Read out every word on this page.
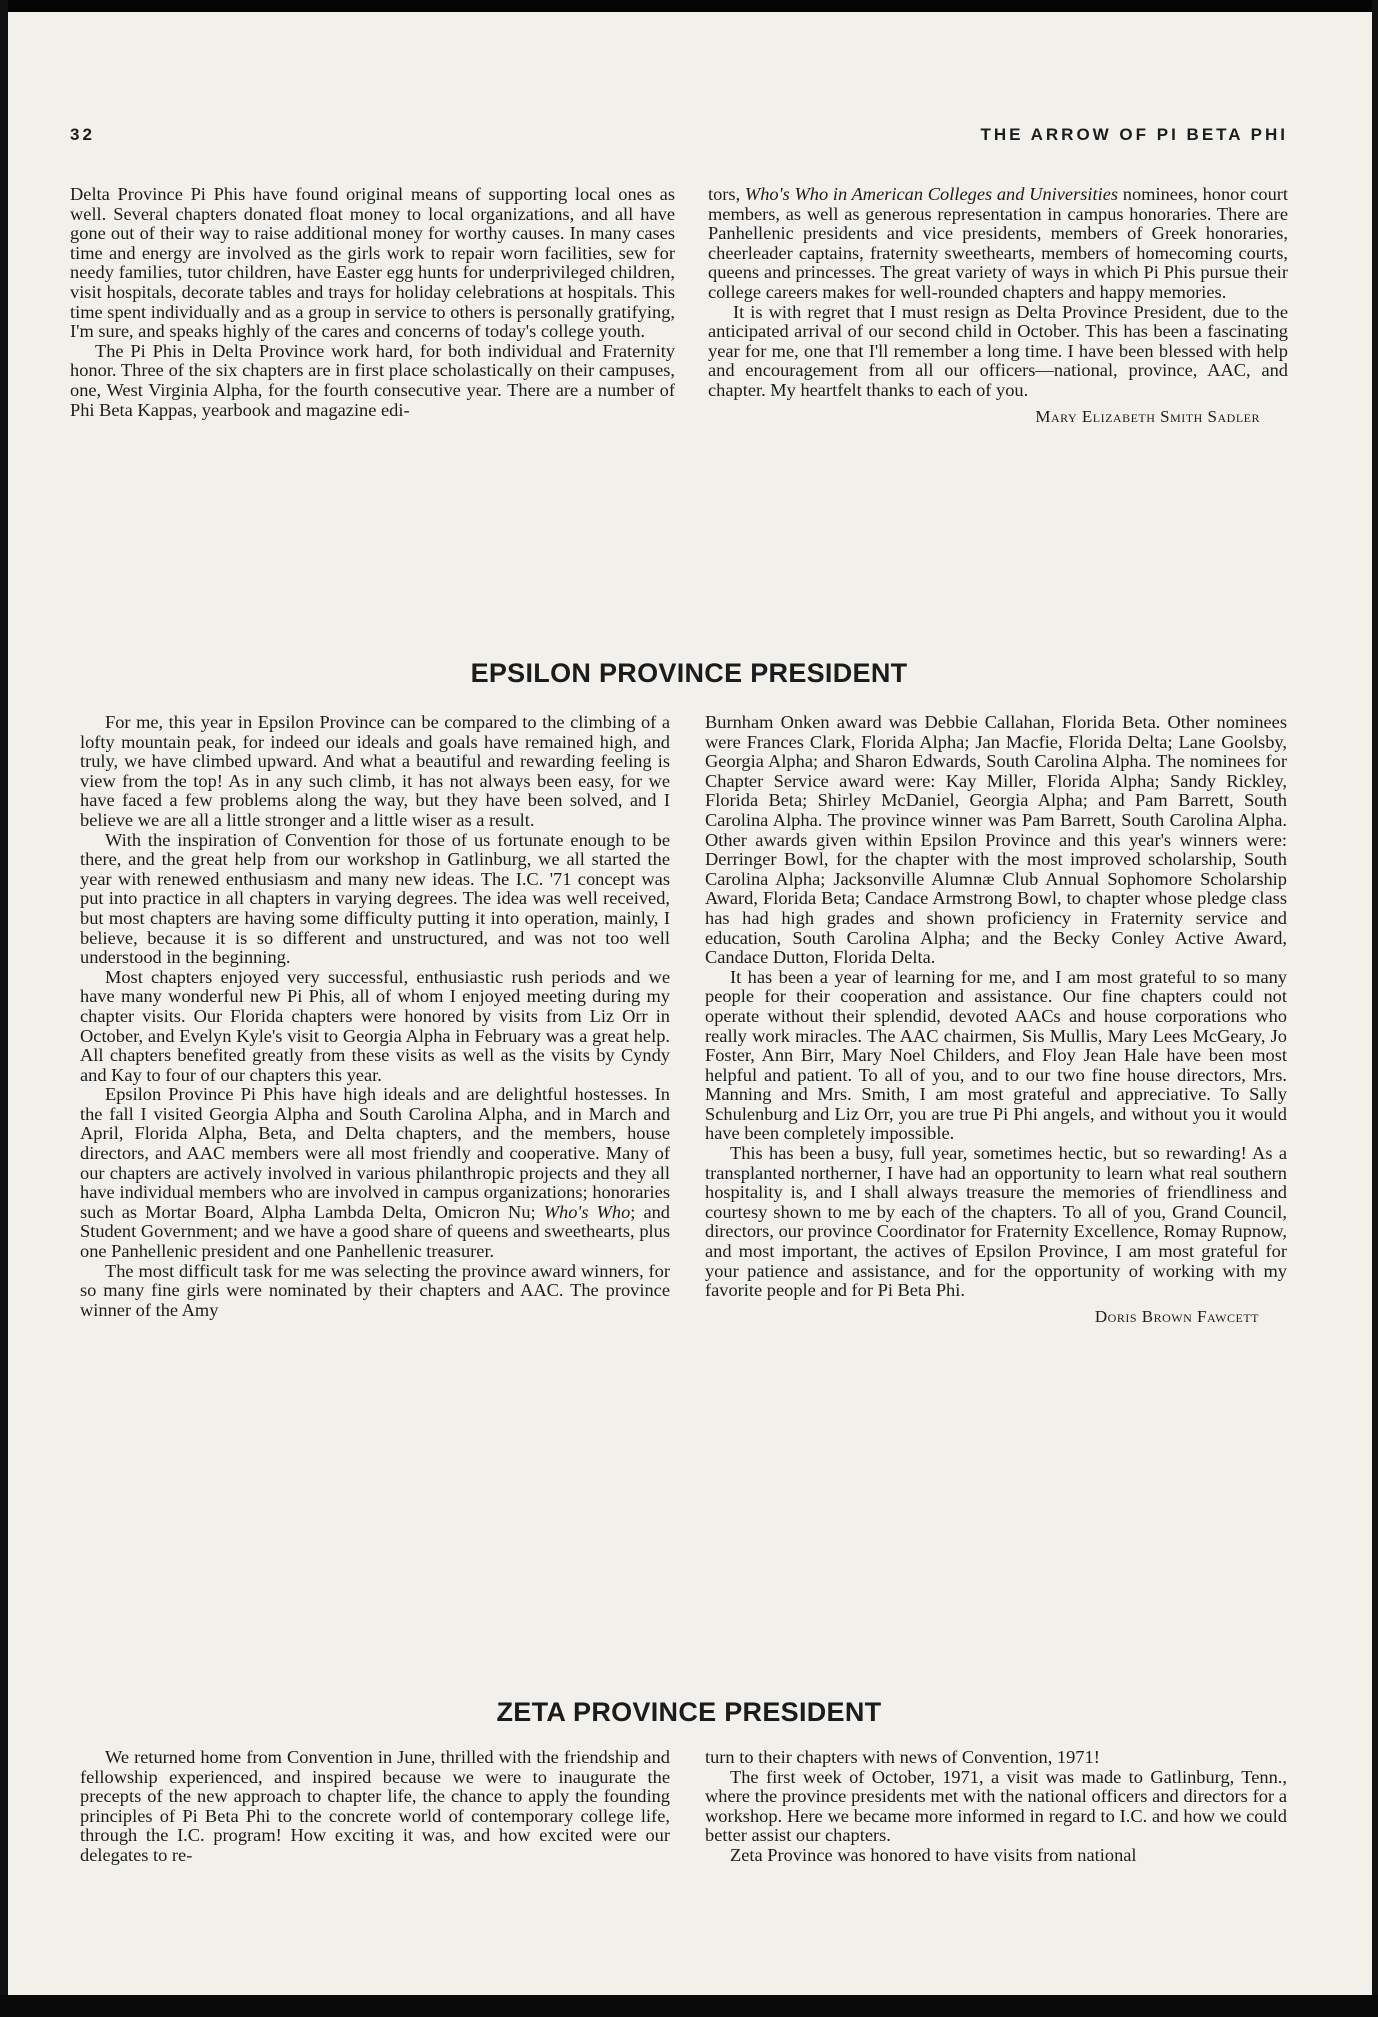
32	THE ARROW OF PI BETA PHI

Delta Province Pi Phis have found original means of supporting local ones as well. Several chapters donated float money to local organizations, and all have gone out of their way to raise additional money for worthy causes. In many cases time and energy are involved as the girls work to repair worn facilities, sew for needy families, tutor children, have Easter egg hunts for underprivileged children, visit hospitals, decorate tables and trays for holiday celebrations at hospitals. This time spent individually and as a group in service to others is personally gratifying, I'm sure, and speaks highly of the cares and concerns of today's college youth.

The Pi Phis in Delta Province work hard, for both individual and Fraternity honor. Three of the six chapters are in first place scholastically on their campuses, one, West Virginia Alpha, for the fourth consecutive year. There are a number of Phi Beta Kappas, yearbook and magazine edi-

tors, Who's Who in American Colleges and Universities nominees, honor court members, as well as generous representation in campus honoraries. There are Panhellenic presidents and vice presidents, members of Greek honoraries, cheerleader captains, fraternity sweethearts, members of homecoming courts, queens and princesses. The great variety of ways in which Pi Phis pursue their college careers makes for well-rounded chapters and happy memories.

It is with regret that I must resign as Delta Province President, due to the anticipated arrival of our second child in October. This has been a fascinating year for me, one that I'll remember a long time. I have been blessed with help and encouragement from all our officers—national, province, AAC, and chapter. My heartfelt thanks to each of you.

Mary Elizabeth Smith Sadler
EPSILON PROVINCE PRESIDENT

For me, this year in Epsilon Province can be compared to the climbing of a lofty mountain peak, for indeed our ideals and goals have remained high, and truly, we have climbed upward. And what a beautiful and rewarding feeling is view from the top! As in any such climb, it has not always been easy, for we have faced a few problems along the way, but they have been solved, and I believe we are all a little stronger and a little wiser as a result.

With the inspiration of Convention for those of us fortunate enough to be there, and the great help from our workshop in Gatlinburg, we all started the year with renewed enthusiasm and many new ideas. The I.C. '71 concept was put into practice in all chapters in varying degrees. The idea was well received, but most chapters are having some difficulty putting it into operation, mainly, I believe, because it is so different and unstructured, and was not too well understood in the beginning.

Most chapters enjoyed very successful, enthusiastic rush periods and we have many wonderful new Pi Phis, all of whom I enjoyed meeting during my chapter visits. Our Florida chapters were honored by visits from Liz Orr in October, and Evelyn Kyle's visit to Georgia Alpha in February was a great help. All chapters benefited greatly from these visits as well as the visits by Cyndy and Kay to four of our chapters this year.

Epsilon Province Pi Phis have high ideals and are delightful hostesses. In the fall I visited Georgia Alpha and South Carolina Alpha, and in March and April, Florida Alpha, Beta, and Delta chapters, and the members, house directors, and AAC members were all most friendly and cooperative. Many of our chapters are actively involved in various philanthropic projects and they all have individual members who are involved in campus organizations; honoraries such as Mortar Board, Alpha Lambda Delta, Omicron Nu; Who's Who; and Student Government; and we have a good share of queens and sweethearts, plus one Panhellenic president and one Panhellenic treasurer.

The most difficult task for me was selecting the province award winners, for so many fine girls were nominated by their chapters and AAC. The province winner of the Amy

Burnham Onken award was Debbie Callahan, Florida Beta. Other nominees were Frances Clark, Florida Alpha; Jan Macfie, Florida Delta; Lane Goolsby, Georgia Alpha; and Sharon Edwards, South Carolina Alpha. The nominees for Chapter Service award were: Kay Miller, Florida Alpha; Sandy Rickley, Florida Beta; Shirley McDaniel, Georgia Alpha; and Pam Barrett, South Carolina Alpha. The province winner was Pam Barrett, South Carolina Alpha. Other awards given within Epsilon Province and this year's winners were: Derringer Bowl, for the chapter with the most improved scholarship, South Carolina Alpha; Jacksonville Alumnæ Club Annual Sophomore Scholarship Award, Florida Beta; Candace Armstrong Bowl, to chapter whose pledge class has had high grades and shown proficiency in Fraternity service and education, South Carolina Alpha; and the Becky Conley Active Award, Candace Dutton, Florida Delta.

It has been a year of learning for me, and I am most grateful to so many people for their cooperation and assistance. Our fine chapters could not operate without their splendid, devoted AACs and house corporations who really work miracles. The AAC chairmen, Sis Mullis, Mary Lees McGeary, Jo Foster, Ann Birr, Mary Noel Childers, and Floy Jean Hale have been most helpful and patient. To all of you, and to our two fine house directors, Mrs. Manning and Mrs. Smith, I am most grateful and appreciative. To Sally Schulenburg and Liz Orr, you are true Pi Phi angels, and without you it would have been completely impossible.

This has been a busy, full year, sometimes hectic, but so rewarding! As a transplanted northerner, I have had an opportunity to learn what real southern hospitality is, and I shall always treasure the memories of friendliness and courtesy shown to me by each of the chapters. To all of you, Grand Council, directors, our province Coordinator for Fraternity Excellence, Romay Rupnow, and most important, the actives of Epsilon Province, I am most grateful for your patience and assistance, and for the opportunity of working with my favorite people and for Pi Beta Phi.

Doris Brown Fawcett
ZETA PROVINCE PRESIDENT

We returned home from Convention in June, thrilled with the friendship and fellowship experienced, and inspired because we were to inaugurate the precepts of the new approach to chapter life, the chance to apply the founding principles of Pi Beta Phi to the concrete world of contemporary college life, through the I.C. program! How exciting it was, and how excited were our delegates to re-

turn to their chapters with news of Convention, 1971!

The first week of October, 1971, a visit was made to Gatlinburg, Tenn., where the province presidents met with the national officers and directors for a workshop. Here we became more informed in regard to I.C. and how we could better assist our chapters.

Zeta Province was honored to have visits from national
